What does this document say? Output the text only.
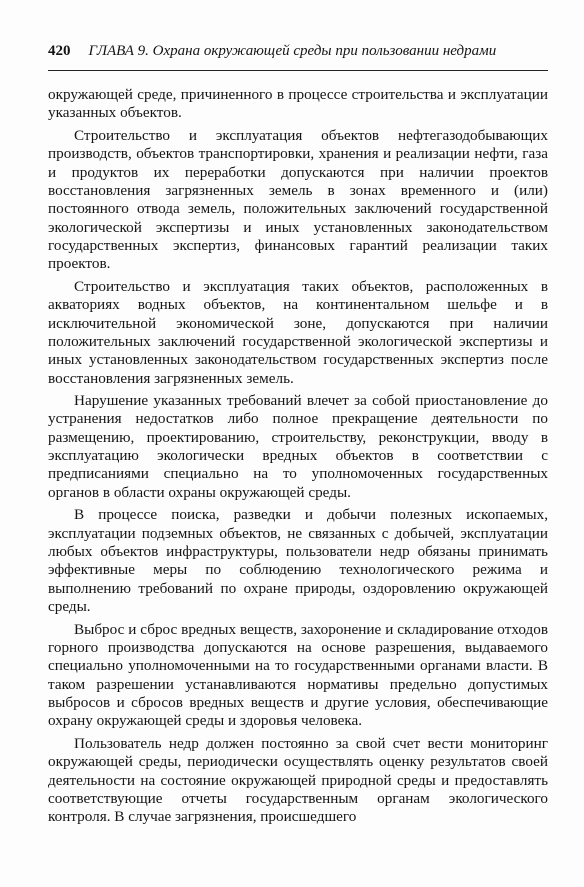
420 ГЛАВА 9. Охрана окружающей среды при пользовании недрами

окружающей среде, причиненного в процессе строительства и эксплуатации указанных объектов.

Строительство и эксплуатация объектов нефтегазодобывающих производств, объектов транспортировки, хранения и реализации нефти, газа и продуктов их переработки допускаются при наличии проектов восстановления загрязненных земель в зонах временного и (или) постоянного отвода земель, положительных заключений государственной экологической экспертизы и иных установленных законодательством государственных экспертиз, финансовых гарантий реализации таких проектов.

Строительство и эксплуатация таких объектов, расположенных в акваториях водных объектов, на континентальном шельфе и в исключительной экономической зоне, допускаются при наличии положительных заключений государственной экологической экспертизы и иных установленных законодательством государственных экспертиз после восстановления загрязненных земель.

Нарушение указанных требований влечет за собой приостановление до устранения недостатков либо полное прекращение деятельности по размещению, проектированию, строительству, реконструкции, вводу в эксплуатацию экологически вредных объектов в соответствии с предписаниями специально на то уполномоченных государственных органов в области охраны окружающей среды.

В процессе поиска, разведки и добычи полезных ископаемых, эксплуатации подземных объектов, не связанных с добычей, эксплуатации любых объектов инфраструктуры, пользователи недр обязаны принимать эффективные меры по соблюдению технологического режима и выполнению требований по охране природы, оздоровлению окружающей среды.

Выброс и сброс вредных веществ, захоронение и складирование отходов горного производства допускаются на основе разрешения, выдаваемого специально уполномоченными на то государственными органами власти. В таком разрешении устанавливаются нормативы предельно допустимых выбросов и сбросов вредных веществ и другие условия, обеспечивающие охрану окружающей среды и здоровья человека.

Пользователь недр должен постоянно за свой счет вести мониторинг окружающей среды, периодически осуществлять оценку результатов своей деятельности на состояние окружающей природной среды и предоставлять соответствующие отчеты государственным органам экологического контроля. В случае загрязнения, происшедшего
